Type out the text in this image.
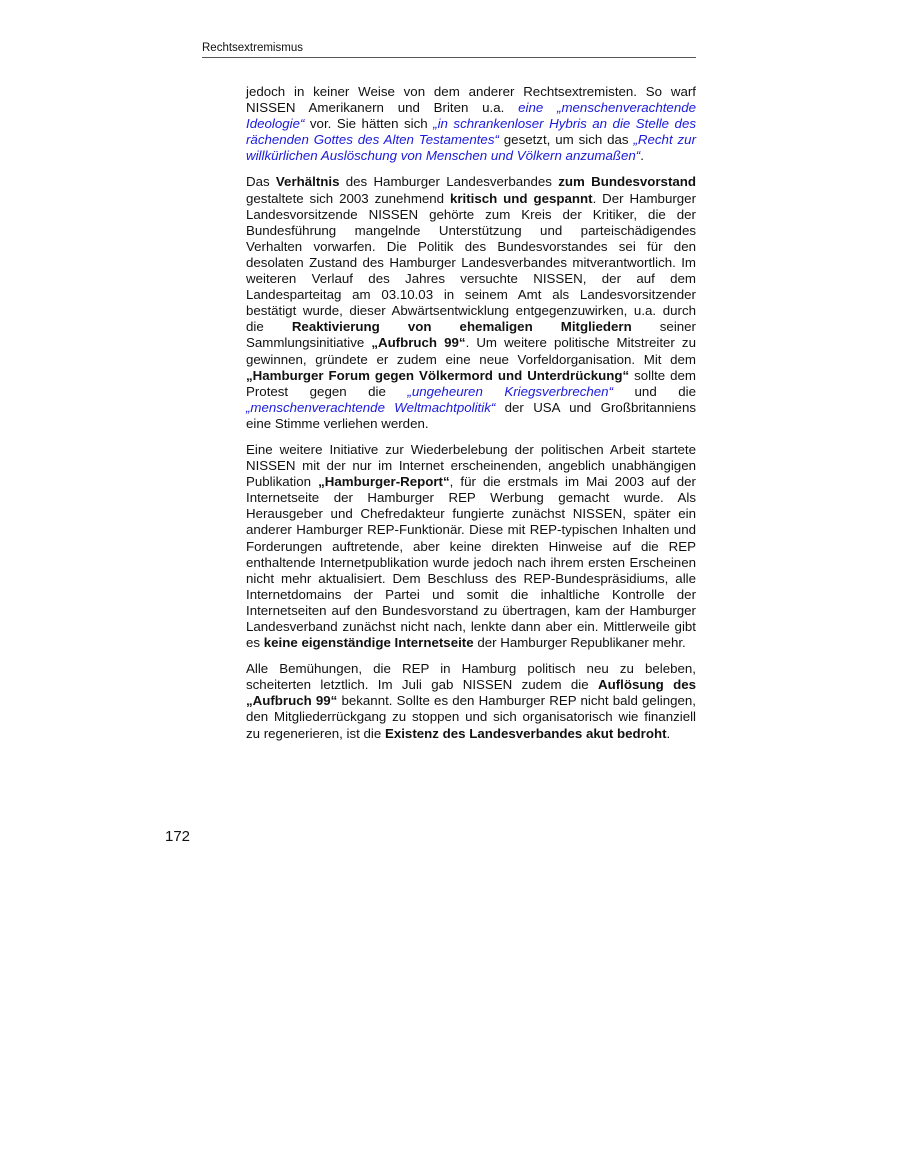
Rechtsextremismus

jedoch in keiner Weise von dem anderer Rechtsextremisten. So warf NISSEN Amerikanern und Briten u.a. eine „menschenverachtende Ideologie“ vor. Sie hätten sich „in schrankenloser Hybris an die Stelle des rächenden Gottes des Alten Testamentes“ gesetzt, um sich das „Recht zur willkürlichen Auslöschung von Menschen und Völkern anzumaßen“.

Das Verhältnis des Hamburger Landesverbandes zum Bundesvorstand gestaltete sich 2003 zunehmend kritisch und gespannt. Der Hamburger Landesvorsitzende NISSEN gehörte zum Kreis der Kritiker, die der Bundesführung mangelnde Unterstützung und parteischädigendes Verhalten vorwarfen. Die Politik des Bundesvorstandes sei für den desolaten Zustand des Hamburger Landesverbandes mitverantwortlich. Im weiteren Verlauf des Jahres versuchte NISSEN, der auf dem Landesparteitag am 03.10.03 in seinem Amt als Landesvorsitzender bestätigt wurde, dieser Abwärtsentwicklung entgegenzuwirken, u.a. durch die Reaktivierung von ehemaligen Mitgliedern seiner Sammlungsinitiative „Aufbruch 99“. Um weitere politische Mitstreiter zu gewinnen, gründete er zudem eine neue Vorfeldorganisation. Mit dem „Hamburger Forum gegen Völkermord und Unterdrückung“ sollte dem Protest gegen die „ungeheuren Kriegsverbrechen“ und die „menschenverachtende Weltmachtpolitik“ der USA und Großbritanniens eine Stimme verliehen werden.

Eine weitere Initiative zur Wiederbelebung der politischen Arbeit startete NISSEN mit der nur im Internet erscheinenden, angeblich unabhängigen Publikation „Hamburger-Report“, für die erstmals im Mai 2003 auf der Internetseite der Hamburger REP Werbung gemacht wurde. Als Herausgeber und Chefredakteur fungierte zunächst NISSEN, später ein anderer Hamburger REP-Funktionär. Diese mit REP-typischen Inhalten und Forderungen auftretende, aber keine direkten Hinweise auf die REP enthaltende Internetpublikation wurde jedoch nach ihrem ersten Erscheinen nicht mehr aktualisiert. Dem Beschluss des REP-Bundespräsidiums, alle Internetdomains der Partei und somit die inhaltliche Kontrolle der Internetseiten auf den Bundesvorstand zu übertragen, kam der Hamburger Landesverband zunächst nicht nach, lenkte dann aber ein. Mittlerweile gibt es keine eigenständige Internetseite der Hamburger Republikaner mehr.

Alle Bemühungen, die REP in Hamburg politisch neu zu beleben, scheiterten letztlich. Im Juli gab NISSEN zudem die Auflösung des „Aufbruch 99“ bekannt. Sollte es den Hamburger REP nicht bald gelingen, den Mitgliederrückgang zu stoppen und sich organisatorisch wie finanziell zu regenerieren, ist die Existenz des Landesverbandes akut bedroht.

172
